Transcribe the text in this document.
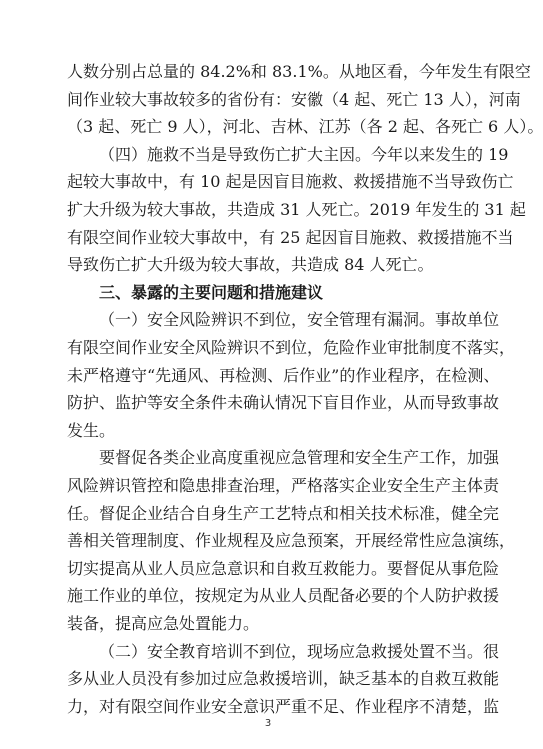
人数分别占总量的 84.2%和 83.1%。从地区看，今年发生有限空
间作业较大事故较多的省份有：安徽（4 起、死亡 13 人），河南
（3 起、死亡 9 人），河北、吉林、江苏（各 2 起、各死亡 6 人）。
（四）施救不当是导致伤亡扩大主因。今年以来发生的 19
起较大事故中，有 10 起是因盲目施救、救援措施不当导致伤亡
扩大升级为较大事故，共造成 31 人死亡。2019 年发生的 31 起
有限空间作业较大事故中，有 25 起因盲目施救、救援措施不当
导致伤亡扩大升级为较大事故，共造成 84 人死亡。
三、暴露的主要问题和措施建议
（一）安全风险辨识不到位，安全管理有漏洞。事故单位
有限空间作业安全风险辨识不到位，危险作业审批制度不落实，
未严格遵守“先通风、再检测、后作业”的作业程序，在检测、
防护、监护等安全条件未确认情况下盲目作业，从而导致事故
发生。
要督促各类企业高度重视应急管理和安全生产工作，加强
风险辨识管控和隐患排查治理，严格落实企业安全生产主体责
任。督促企业结合自身生产工艺特点和相关技术标准，健全完
善相关管理制度、作业规程及应急预案，开展经常性应急演练，
切实提高从业人员应急意识和自救互救能力。要督促从事危险
施工作业的单位，按规定为从业人员配备必要的个人防护救援
装备，提高应急处置能力。
（二）安全教育培训不到位，现场应急救援处置不当。很
多从业人员没有参加过应急救援培训，缺乏基本的自救互救能
力，对有限空间作业安全意识严重不足、作业程序不清楚，监
3
